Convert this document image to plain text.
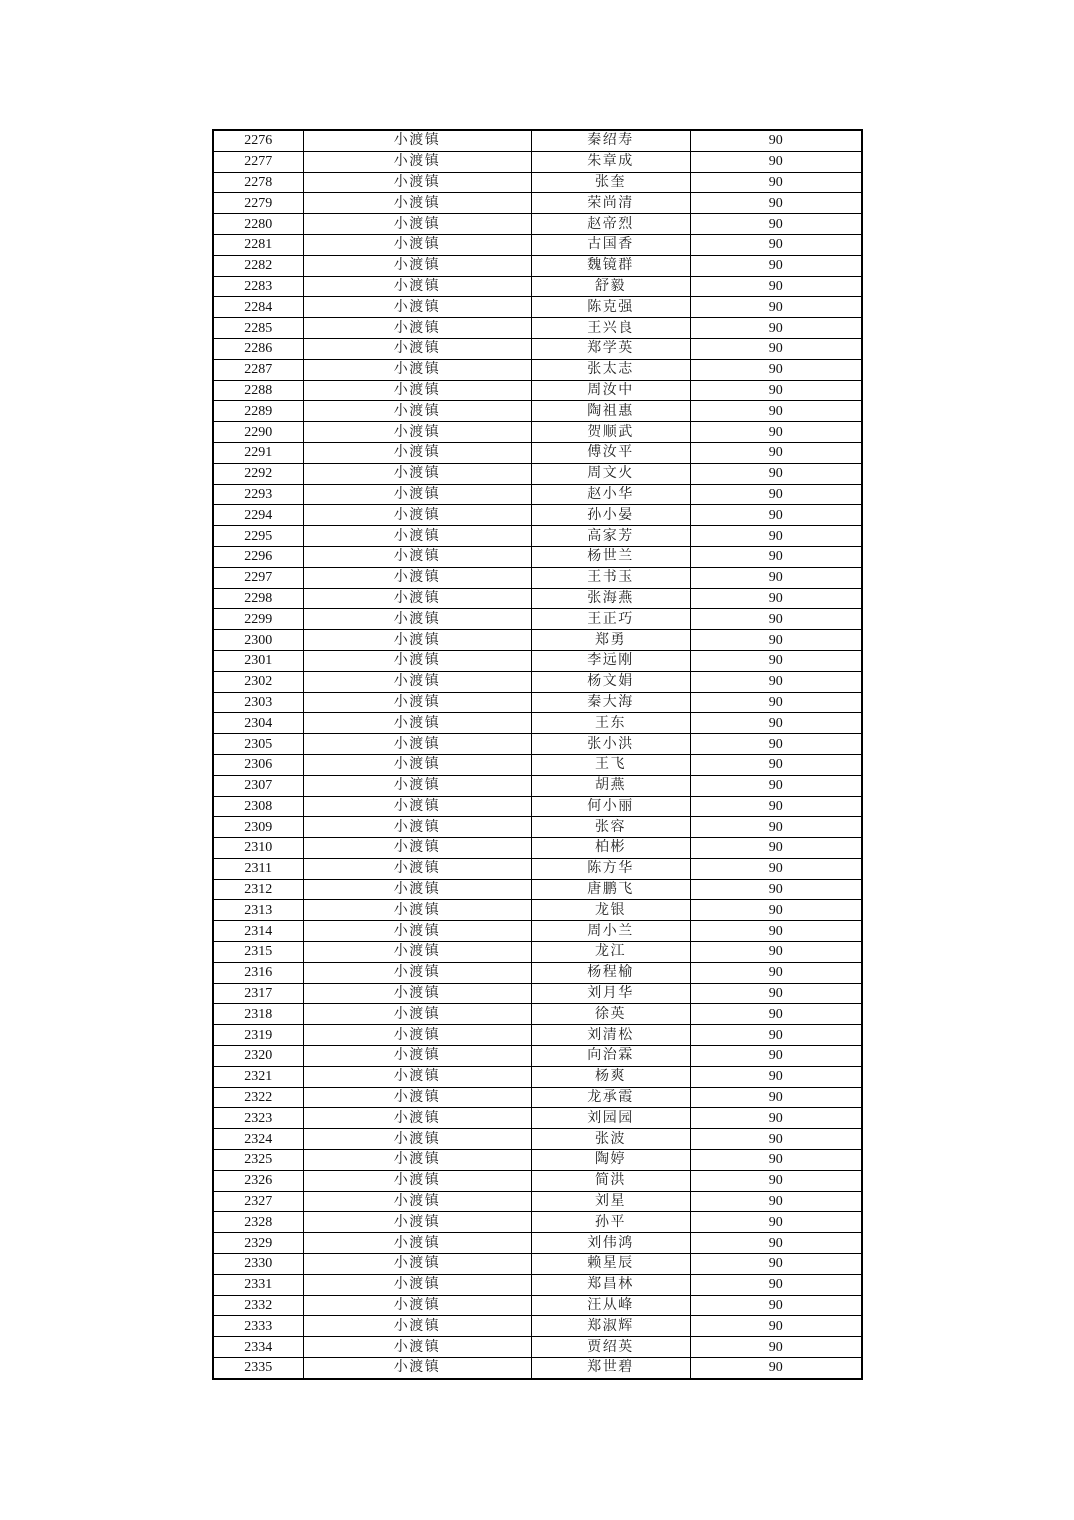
2276	小渡镇	秦绍寿	90
2277	小渡镇	朱章成	90
2278	小渡镇	张奎	90
2279	小渡镇	荣尚清	90
2280	小渡镇	赵帝烈	90
2281	小渡镇	古国香	90
2282	小渡镇	魏镜群	90
2283	小渡镇	舒毅	90
2284	小渡镇	陈克强	90
2285	小渡镇	王兴良	90
2286	小渡镇	郑学英	90
2287	小渡镇	张太志	90
2288	小渡镇	周汝中	90
2289	小渡镇	陶祖惠	90
2290	小渡镇	贺顺武	90
2291	小渡镇	傅汝平	90
2292	小渡镇	周文火	90
2293	小渡镇	赵小华	90
2294	小渡镇	孙小晏	90
2295	小渡镇	高家芳	90
2296	小渡镇	杨世兰	90
2297	小渡镇	王书玉	90
2298	小渡镇	张海燕	90
2299	小渡镇	王正巧	90
2300	小渡镇	郑勇	90
2301	小渡镇	李远刚	90
2302	小渡镇	杨文娟	90
2303	小渡镇	秦大海	90
2304	小渡镇	王东	90
2305	小渡镇	张小洪	90
2306	小渡镇	王飞	90
2307	小渡镇	胡燕	90
2308	小渡镇	何小丽	90
2309	小渡镇	张容	90
2310	小渡镇	柏彬	90
2311	小渡镇	陈方华	90
2312	小渡镇	唐鹏飞	90
2313	小渡镇	龙银	90
2314	小渡镇	周小兰	90
2315	小渡镇	龙江	90
2316	小渡镇	杨程榆	90
2317	小渡镇	刘月华	90
2318	小渡镇	徐英	90
2319	小渡镇	刘清松	90
2320	小渡镇	向治霖	90
2321	小渡镇	杨爽	90
2322	小渡镇	龙承霞	90
2323	小渡镇	刘园园	90
2324	小渡镇	张波	90
2325	小渡镇	陶婷	90
2326	小渡镇	简洪	90
2327	小渡镇	刘星	90
2328	小渡镇	孙平	90
2329	小渡镇	刘伟鸿	90
2330	小渡镇	赖星辰	90
2331	小渡镇	郑昌林	90
2332	小渡镇	汪从峰	90
2333	小渡镇	郑淑辉	90
2334	小渡镇	贾绍英	90
2335	小渡镇	郑世碧	90
